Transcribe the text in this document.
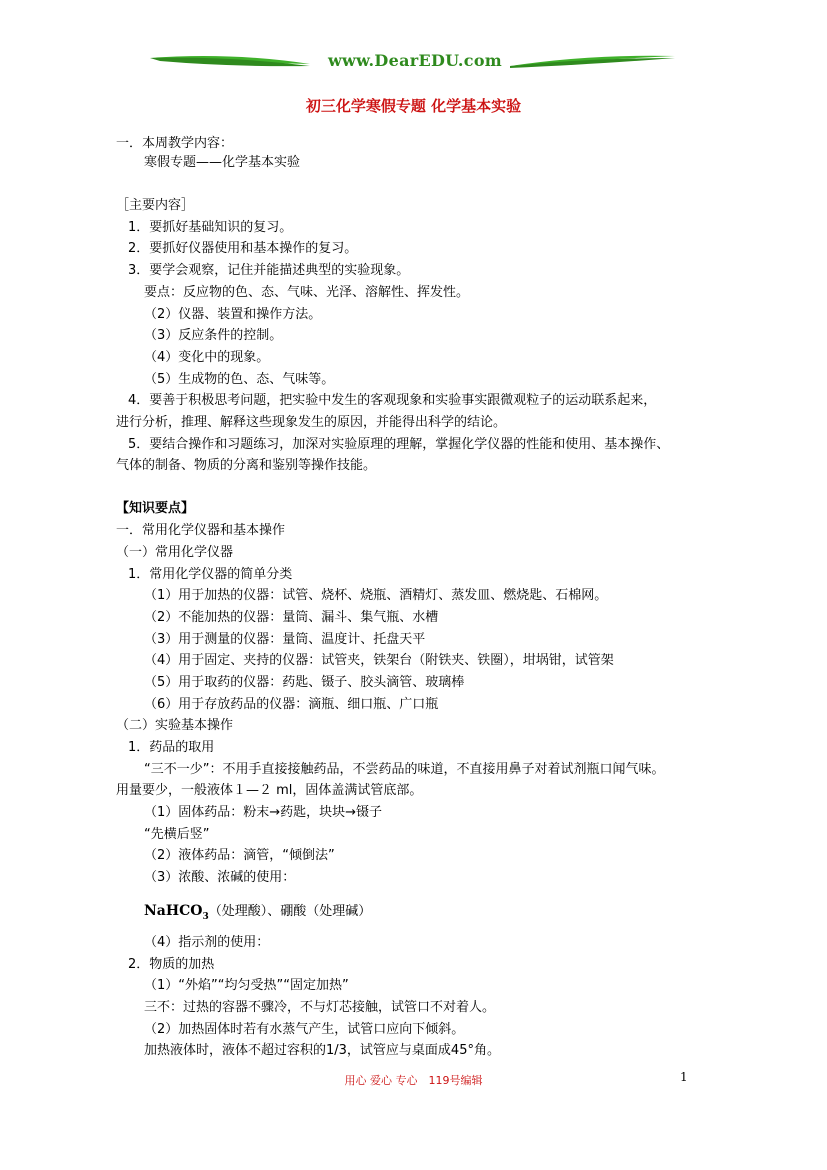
www.DearEDU.com
初三化学寒假专题 化学基本实验
一．本周教学内容：
寒假专题——化学基本实验
［主要内容］
1．要抓好基础知识的复习。
2．要抓好仪器使用和基本操作的复习。
3．要学会观察，记住并能描述典型的实验现象。
要点：反应物的色、态、气味、光泽、溶解性、挥发性。
（2）仪器、装置和操作方法。
（3）反应条件的控制。
（4）变化中的现象。
（5）生成物的色、态、气味等。
4．要善于积极思考问题，把实验中发生的客观现象和实验事实跟微观粒子的运动联系起来，
进行分析，推理、解释这些现象发生的原因，并能得出科学的结论。
5．要结合操作和习题练习，加深对实验原理的理解，掌握化学仪器的性能和使用、基本操作、
气体的制备、物质的分离和鉴别等操作技能。
【知识要点】
一．常用化学仪器和基本操作
（一）常用化学仪器
1．常用化学仪器的简单分类
（1）用于加热的仪器：试管、烧杯、烧瓶、酒精灯、蒸发皿、燃烧匙、石棉网。
（2）不能加热的仪器：量筒、漏斗、集气瓶、水槽
（3）用于测量的仪器：量筒、温度计、托盘天平
（4）用于固定、夹持的仪器：试管夹，铁架台（附铁夹、铁圈），坩埚钳，试管架
（5）用于取药的仪器：药匙、镊子、胶头滴管、玻璃棒
（6）用于存放药品的仪器：滴瓶、细口瓶、广口瓶
（二）实验基本操作
1．药品的取用
“三不一少”：不用手直接接触药品，不尝药品的味道，不直接用鼻子对着试剂瓶口闻气味。
用量要少，一般液体１—２ ml，固体盖满试管底部。
（1）固体药品：粉末→药匙，块块→镊子
“先横后竖”
（2）液体药品：滴管，“倾倒法”
（3）浓酸、浓碱的使用：
NaHCO$_3$（处理酸）、硼酸（处理碱）
（4）指示剂的使用：
2．物质的加热
（1）“外焰”“均匀受热”“固定加热”
三不：过热的容器不骤冷，不与灯芯接触，试管口不对着人。
（2）加热固体时若有水蒸气产生，试管口应向下倾斜。
加热液体时，液体不超过容积的1/3，试管应与桌面成45°角。
用心 爱心 专心　119号编辑	1
